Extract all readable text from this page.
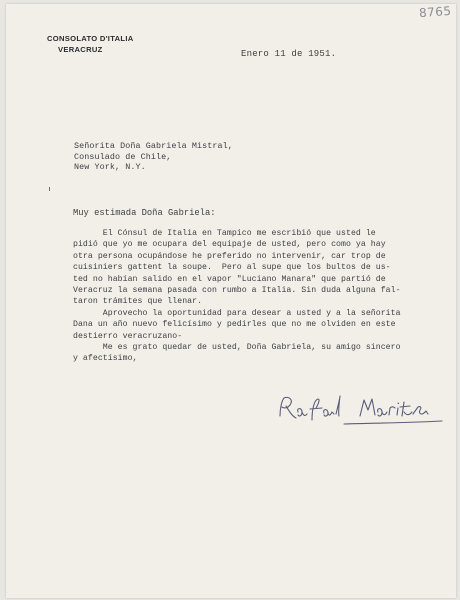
8765
CONSOLATO D'ITALIA
VERACRUZ	Enero 11 de 1951.
Señorita Doña Gabriela Mistral,
Consulado de Chile,
New York, N.Y.
Muy estimada Doña Gabriela:

El Cónsul de Italia en Tampico me escribió que usted le

pidió que yo me ocupara del equipaje de usted, pero como ya hay

otra persona ocupándose he preferido no intervenir, car trop de

cuisiniers gattent la soupe.  Pero al supe que los bultos de us-

ted no habían salido en el vapor "Luciano Manara" que partió de

Veracruz la semana pasada con rumbo a Italia. Sin duda alguna fal-

taron trámites que llenar.

Aprovecho la oportunidad para desear a usted y a la señorita

Dana un año nuevo felicísimo y pedirles que no me olviden en este

destierro veracruzano-

Me es grato quedar de usted, Doña Gabriela, su amigo sincero

y afectísimo,
